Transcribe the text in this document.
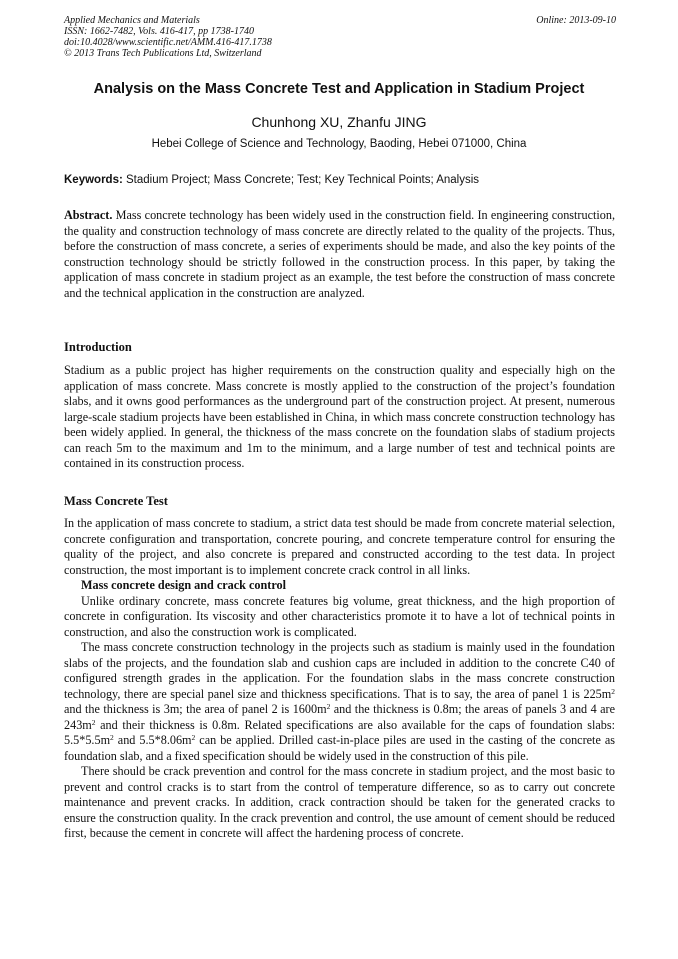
Applied Mechanics and Materials
ISSN: 1662-7482, Vols. 416-417, pp 1738-1740
doi:10.4028/www.scientific.net/AMM.416-417.1738
© 2013 Trans Tech Publications Ltd, Switzerland
Online: 2013-09-10
Analysis on the Mass Concrete Test and Application in Stadium Project
Chunhong XU, Zhanfu JING
Hebei College of Science and Technology, Baoding, Hebei 071000, China
Keywords: Stadium Project; Mass Concrete; Test; Key Technical Points; Analysis

Abstract. Mass concrete technology has been widely used in the construction field. In engineering construction, the quality and construction technology of mass concrete are directly related to the quality of the projects. Thus, before the construction of mass concrete, a series of experiments should be made, and also the key points of the construction technology should be strictly followed in the construction process. In this paper, by taking the application of mass concrete in stadium project as an example, the test before the construction of mass concrete and the technical application in the construction are analyzed.

Introduction

Stadium as a public project has higher requirements on the construction quality and especially high on the application of mass concrete. Mass concrete is mostly applied to the construction of the project’s foundation slabs, and it owns good performances as the underground part of the construction project. At present, numerous large-scale stadium projects have been established in China, in which mass concrete construction technology has been widely applied. In general, the thickness of the mass concrete on the foundation slabs of stadium projects can reach 5m to the maximum and 1m to the minimum, and a large number of test and technical points are contained in its construction process.

Mass Concrete Test

In the application of mass concrete to stadium, a strict data test should be made from concrete material selection, concrete configuration and transportation, concrete pouring, and concrete temperature control for ensuring the quality of the project, and also concrete is prepared and constructed according to the test data. In project construction, the most important is to implement concrete crack control in all links.

Mass concrete design and crack control

Unlike ordinary concrete, mass concrete features big volume, great thickness, and the high proportion of concrete in configuration. Its viscosity and other characteristics promote it to have a lot of technical points in construction, and also the construction work is complicated.

The mass concrete construction technology in the projects such as stadium is mainly used in the foundation slabs of the projects, and the foundation slab and cushion caps are included in addition to the concrete C40 of configured strength grades in the application. For the foundation slabs in the mass concrete construction technology, there are special panel size and thickness specifications. That is to say, the area of panel 1 is $225m^2$ and the thickness is 3m; the area of panel 2 is $1600m^2$ and the thickness is 0.8m; the areas of panels 3 and 4 are $243m^2$ and their thickness is 0.8m. Related specifications are also available for the caps of foundation slabs: $5.5*5.5m^2$ and $5.5*8.06m^2$ can be applied. Drilled cast-in-place piles are used in the casting of the concrete as foundation slab, and a fixed specification should be widely used in the construction of this pile.

There should be crack prevention and control for the mass concrete in stadium project, and the most basic to prevent and control cracks is to start from the control of temperature difference, so as to carry out concrete maintenance and prevent cracks. In addition, crack contraction should be taken for the generated cracks to ensure the construction quality. In the crack prevention and control, the use amount of cement should be reduced first, because the cement in concrete will affect the hardening process of concrete.
